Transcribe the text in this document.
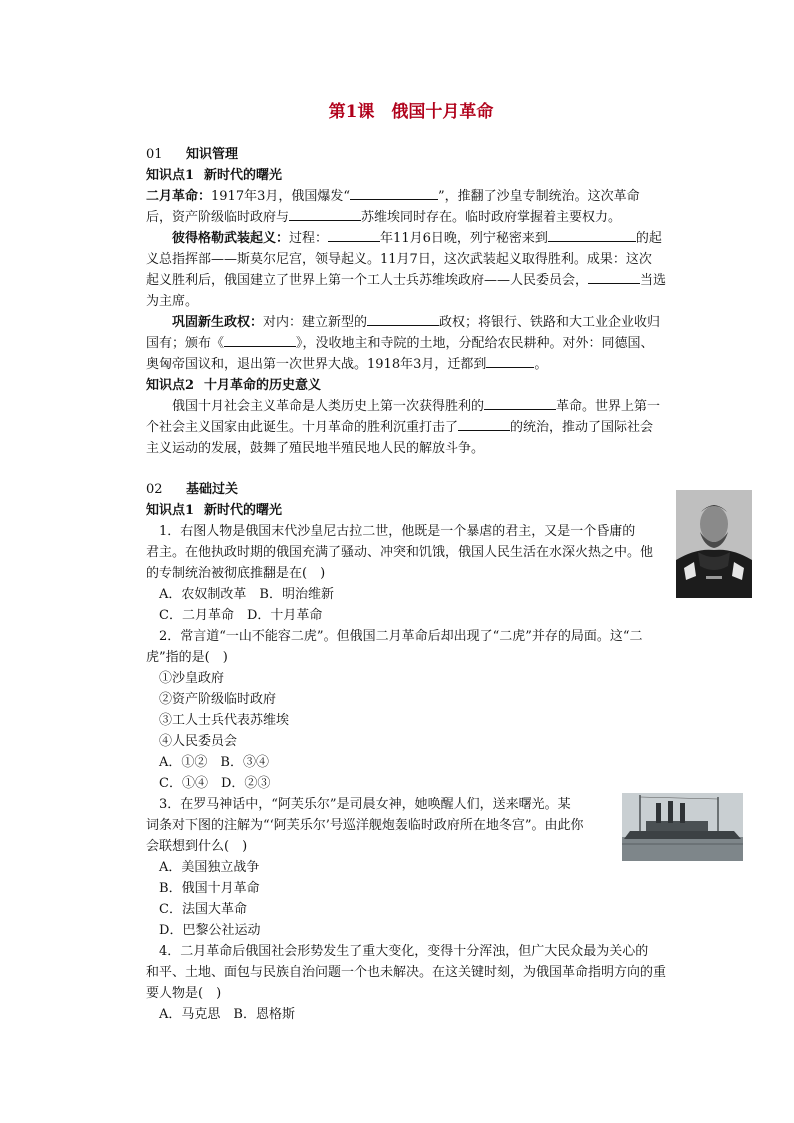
第1课　俄国十月革命
01 知识管理
知识点1 新时代的曙光
二月革命：1917年3月，俄国爆发“	”，推翻了沙皇专制统治。这次革命
后，资产阶级临时政府与	苏维埃同时存在。临时政府掌握着主要权力。
　　彼得格勒武装起义：过程：	年11月6日晚，列宁秘密来到	的起
义总指挥部——斯莫尔尼宫，领导起义。11月7日，这次武装起义取得胜利。成果：这次
起义胜利后，俄国建立了世界上第一个工人士兵苏维埃政府——人民委员会，	当选
为主席。
　　巩固新生政权：对内：建立新型的	政权；将银行、铁路和大工业企业收归
国有；颁布《	》，没收地主和寺院的土地，分配给农民耕种。对外：同德国、
奥匈帝国议和，退出第一次世界大战。1918年3月，迁都到	。
知识点2 十月革命的历史意义
　　俄国十月社会主义革命是人类历史上第一次获得胜利的	革命。世界上第一
个社会主义国家由此诞生。十月革命的胜利沉重打击了	的统治，推动了国际社会
主义运动的发展，鼓舞了殖民地半殖民地人民的解放斗争。
02 基础过关
知识点1 新时代的曙光
　1．右图人物是俄国末代沙皇尼古拉二世，他既是一个暴虐的君主，又是一个昏庸的
君主。在他执政时期的俄国充满了骚动、冲突和饥饿，俄国人民生活在水深火热之中。他
的专制统治被彻底推翻是在(　)
　A．农奴制改革　B．明治维新
　C．二月革命　D．十月革命
　2．常言道“一山不能容二虎”。但俄国二月革命后却出现了“二虎”并存的局面。这“二
虎”指的是(　)
　①沙皇政府
　②资产阶级临时政府
　③工人士兵代表苏维埃
　④人民委员会
　A．①②　B．③④
　C．①④　D．②③
　3．在罗马神话中，“阿芙乐尔”是司晨女神，她唤醒人们，送来曙光。某
词条对下图的注解为“‘阿芙乐尔’号巡洋舰炮轰临时政府所在地冬宫”。由此你
会联想到什么(　)
　A．美国独立战争
　B．俄国十月革命
　C．法国大革命
　D．巴黎公社运动
　4．二月革命后俄国社会形势发生了重大变化，变得十分浑浊，但广大民众最为关心的
和平、土地、面包与民族自治问题一个也未解决。在这关键时刻，为俄国革命指明方向的重
要人物是(　)
　A．马克思　B．恩格斯
